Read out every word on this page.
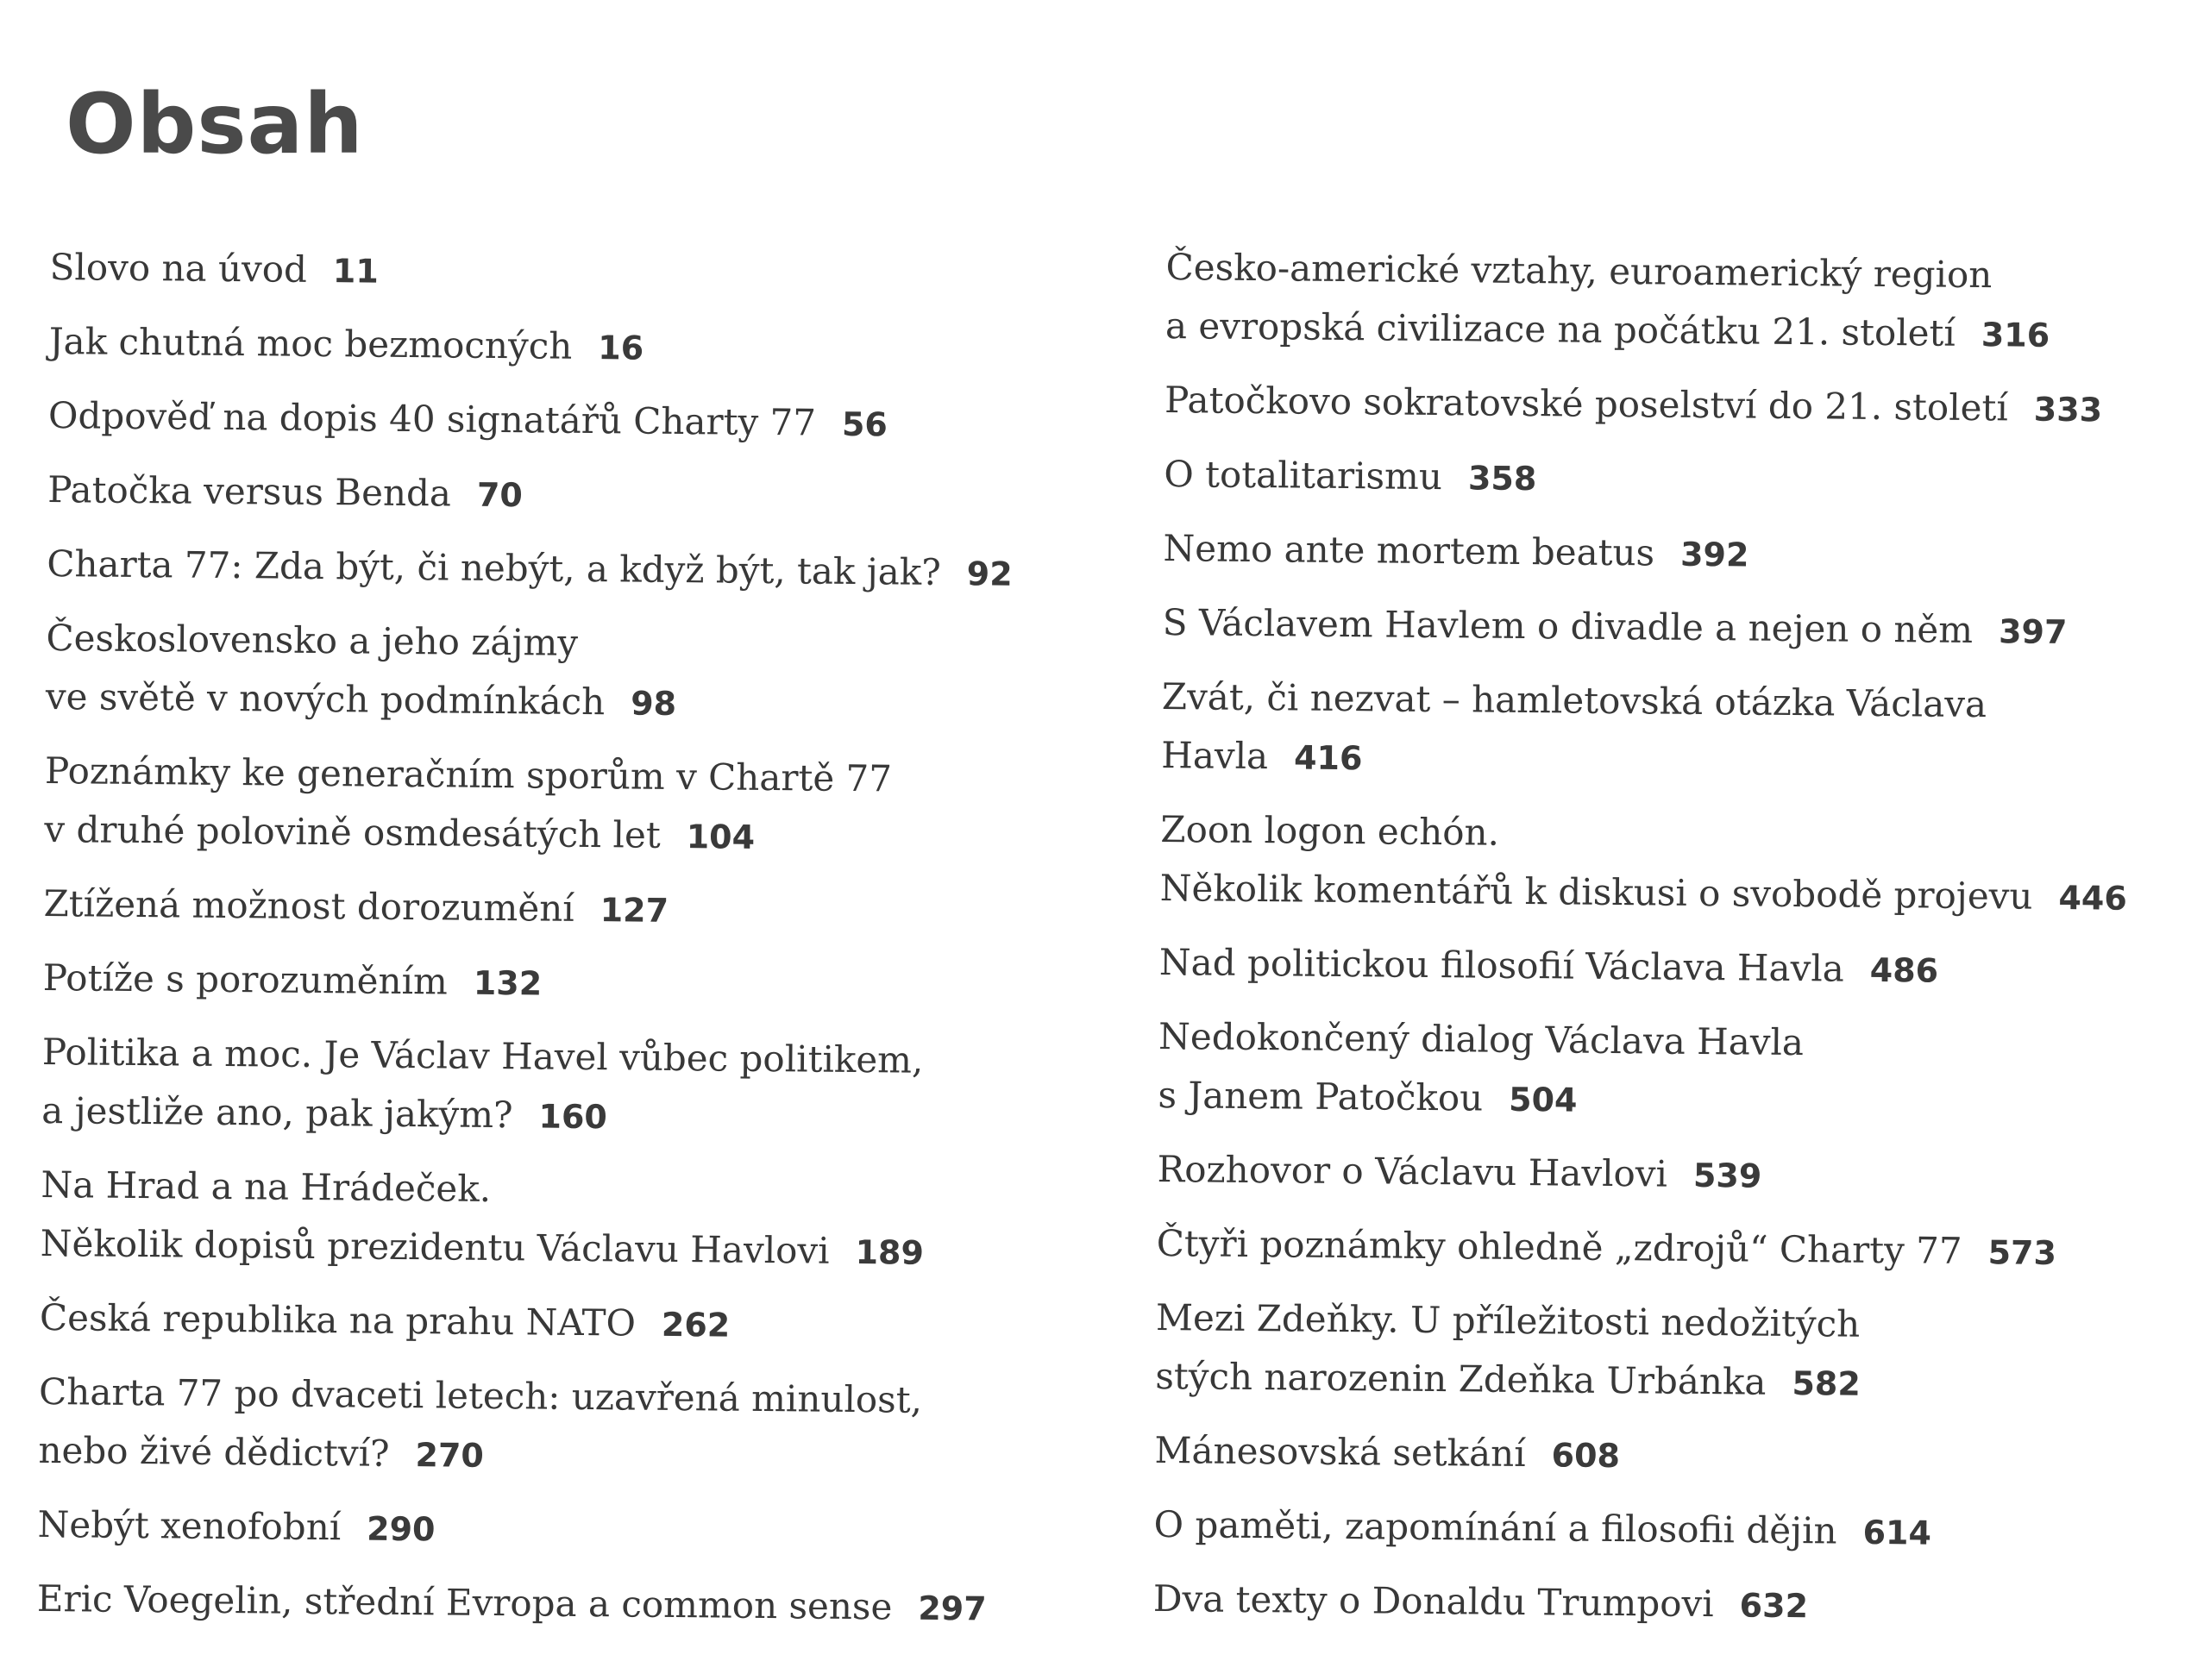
Obsah
Slovo na úvod 11
Jak chutná moc bezmocných 16
Odpověď na dopis 40 signatářů Charty 77 56
Patočka versus Benda 70
Charta 77: Zda být, či nebýt, a když být, tak jak? 92
Československo a jeho zájmy
ve světě v nových podmínkách 98
Poznámky ke generačním sporům v Chartě 77
v druhé polovině osmdesátých let 104
Ztížená možnost dorozumění 127
Potíže s porozuměním 132
Politika a moc. Je Václav Havel vůbec politikem,
a jestliže ano, pak jakým? 160
Na Hrad a na Hrádeček.
Několik dopisů prezidentu Václavu Havlovi 189
Česká republika na prahu NATO 262
Charta 77 po dvaceti letech: uzavřená minulost,
nebo živé dědictví? 270
Nebýt xenofobní 290
Eric Voegelin, střední Evropa a common sense 297
Česko-americké vztahy, euroamerický region
a evropská civilizace na počátku 21. století 316
Patočkovo sokratovské poselství do 21. století 333
O totalitarismu 358
Nemo ante mortem beatus 392
S Václavem Havlem o divadle a nejen o něm 397
Zvát, či nezvat – hamletovská otázka Václava Havla 416
Zoon logon echón.
Několik komentářů k diskusi o svobodě projevu 446
Nad politickou filosofií Václava Havla 486
Nedokončený dialog Václava Havla
s Janem Patočkou 504
Rozhovor o Václavu Havlovi 539
Čtyři poznámky ohledně „zdrojů“ Charty 77 573
Mezi Zdeňky. U příležitosti nedožitých
stých narozenin Zdeňka Urbánka 582
Mánesovská setkání 608
O paměti, zapomínání a filosofii dějin 614
Dva texty o Donaldu Trumpovi 632
